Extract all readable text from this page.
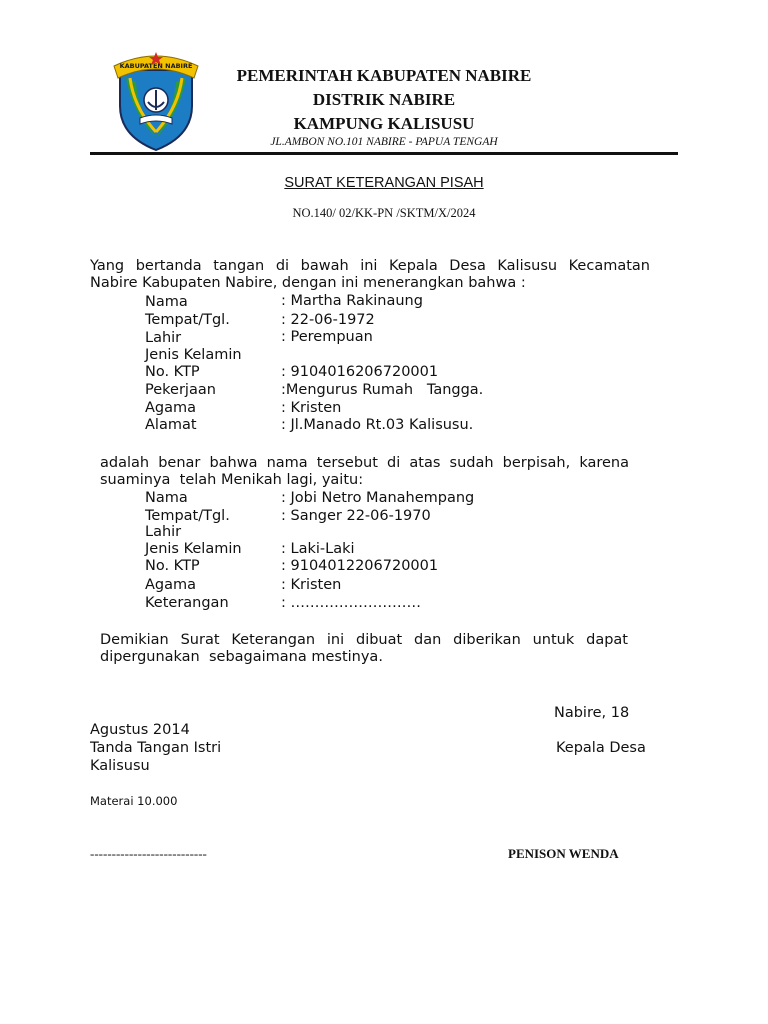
KABUPATEN NABIRE	PEMERINTAH KABUPATEN NABIRE
DISTRIK NABIRE
KAMPUNG KALISUSU
JL.AMBON NO.101 NABIRE - PAPUA TENGAH
SURAT KETERANGAN PISAH
NO.140/ 02/KK-PN /SKTM/X/2024

Yang bertanda tangan di bawah ini Kepala Desa Kalisusu Kecamatan

Nabire Kabupaten Nabire, dengan ini menerangkan bahwa :

Nama	: Martha Rakinaung
Tempat/Tgl.	: 22-06-1972
Lahir	: Perempuan
Jenis Kelamin
No. KTP	: 9104016206720001
Pekerjaan	:Mengurus Rumah   Tangga.
Agama	: Kristen
Alamat	: Jl.Manado Rt.03 Kalisusu.

adalah benar bahwa nama tersebut di atas sudah berpisah, karena

suaminya  telah Menikah lagi, yaitu:

Nama	: Jobi Netro Manahempang
Tempat/Tgl.	: Sanger 22-06-1970
Lahir
Jenis Kelamin	: Laki-Laki
No. KTP	: 9104012206720001
Agama	: Kristen
Keterangan	: ………………………

Demikian Surat Keterangan ini dibuat dan diberikan untuk dapat

dipergunakan  sebagaimana mestinya.

Nabire, 18
Agustus 2014
Tanda Tangan Istri	Kepala Desa
Kalisusu
Materai 10.000
---------------------------	PENISON WENDA
